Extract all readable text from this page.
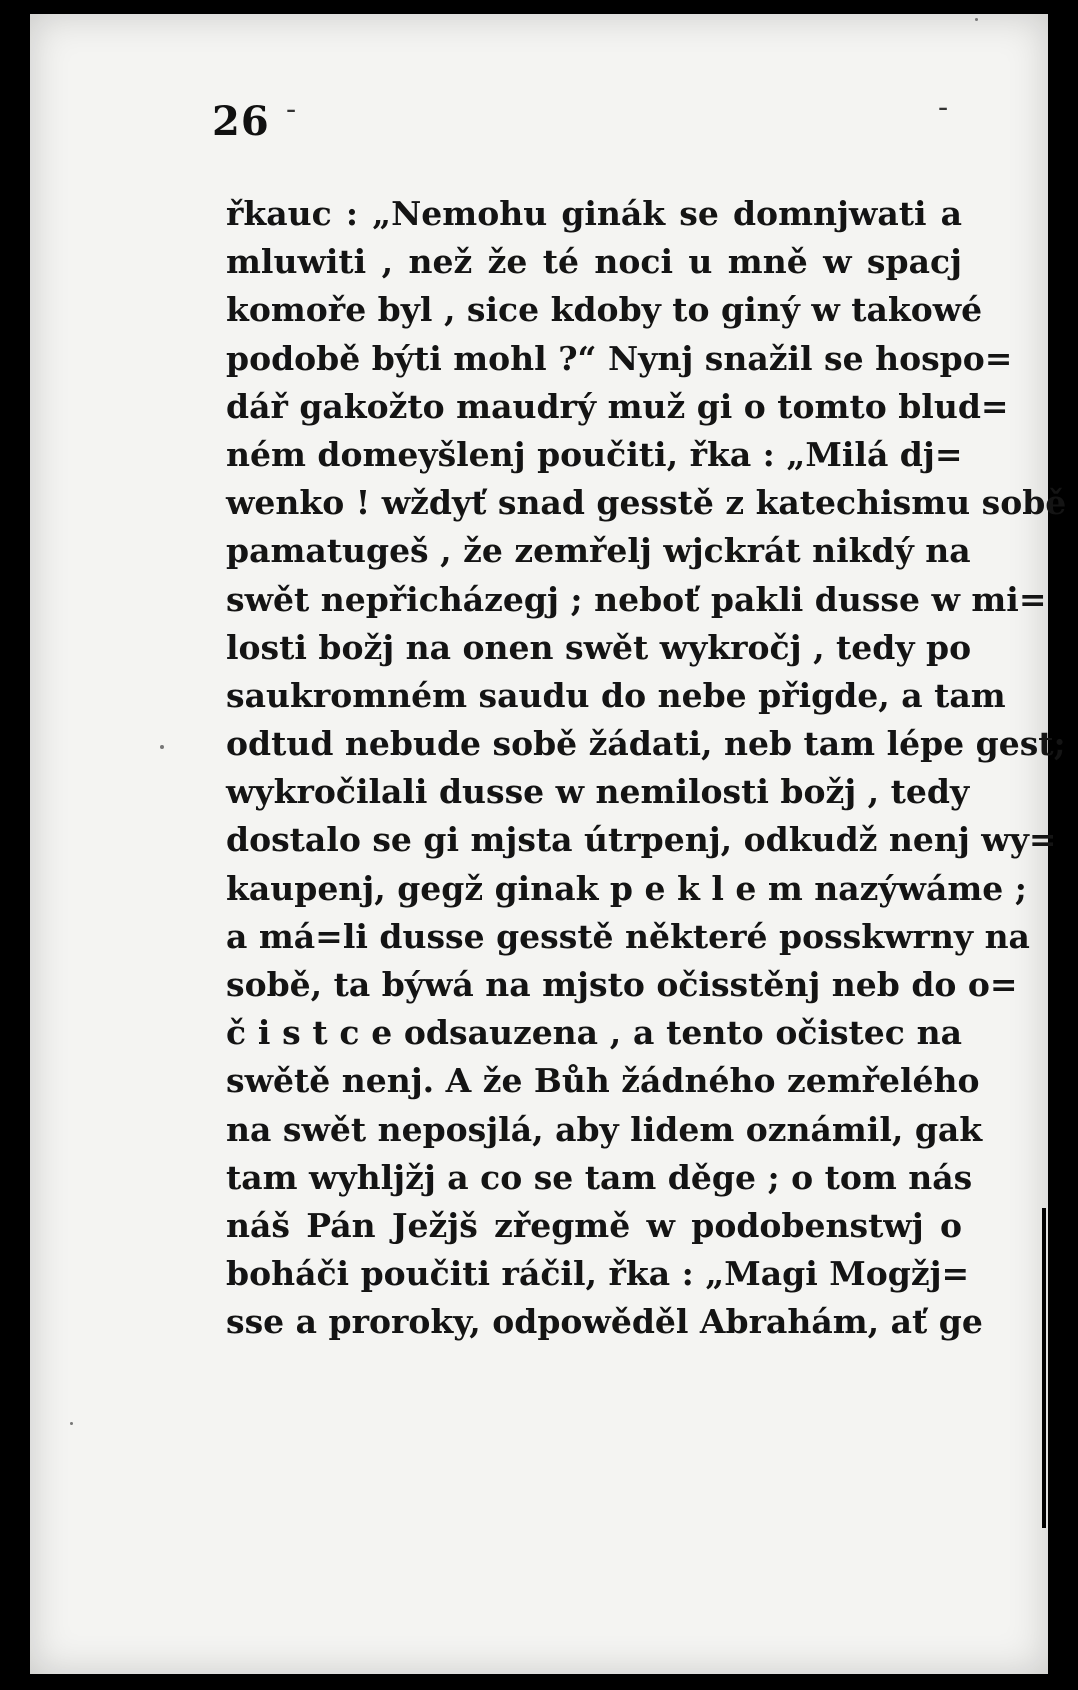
26 -	-
řkauc : „Nemohu ginák se domnjwati a
mluwiti , než že té noci u mně w spacj
komoře byl , sice kdoby to giný w takowé
podobě býti mohl ?“ Nynj snažil se hospo=
dář gakožto maudrý muž gi o tomto blud=
ném domeyšlenj poučiti, řka : „Milá dj=
wenko ! wždyť snad gesstě z katechismu sobě
pamatugeš , že zemřelj wjckrát nikdý na
swět nepřicházegj ; neboť pakli dusse w mi=
losti božj na onen swět wykročj , tedy po
saukromném saudu do nebe přigde, a tam
odtud nebude sobě žádati, neb tam lépe gest;
wykročilali dusse w nemilosti božj , tedy
dostalo se gi mjsta útrpenj, odkudž nenj wy=
kaupenj, gegž ginak p e k l e m nazýwáme ;
a má=li dusse gesstě některé posskwrny na
sobě, ta býwá na mjsto očisstěnj neb do o=
č i s t c e odsauzena , a tento očistec na
swětě nenj. A že Bůh žádného zemřelého
na swět neposjlá, aby lidem oznámil, gak
tam wyhljžj a co se tam děge ; o tom nás
náš Pán Ježjš zřegmě w podobenstwj o
boháči poučiti ráčil, řka : „Magi Mogžj=
sse a proroky, odpowěděl Abrahám, ať ge
